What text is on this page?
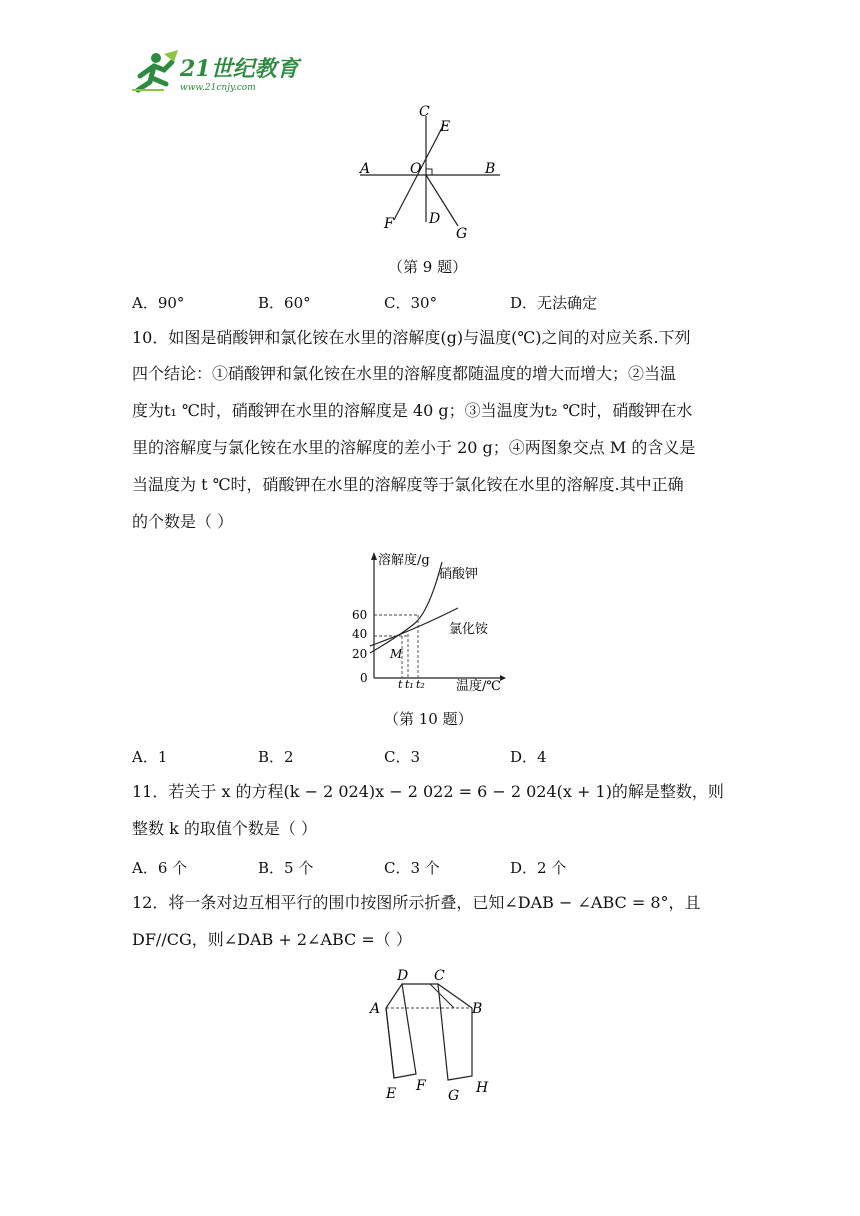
21世纪教育
www.21cnjy.com
C
E
A	O	B
F	D
G
（第 9 题）
A．90°	B．60°	C．30°	D．无法确定
10．如图是硝酸钾和氯化铵在水里的溶解度(g)与温度(℃)之间的对应关系.下列
四个结论：①硝酸钾和氯化铵在水里的溶解度都随温度的增大而增大；②当温
度为t₁ ℃时，硝酸钾在水里的溶解度是 40 g；③当温度为t₂ ℃时，硝酸钾在水
里的溶解度与氯化铵在水里的溶解度的差小于 20 g；④两图象交点 M 的含义是
当温度为 t ℃时，硝酸钾在水里的溶解度等于氯化铵在水里的溶解度.其中正确
的个数是（ ）
溶解度/g
硝酸钾
氯化铵
60
40
20
0
M
t t₁ t₂ 温度/℃
（第 10 题）
A．1	B．2	C．3	D．4
11．若关于 x 的方程(k − 2 024)x − 2 022 = 6 − 2 024(x + 1)的解是整数，则
整数 k 的取值个数是（ ）
A．6 个	B．5 个	C．3 个	D．2 个
12．将一条对边互相平行的围巾按图所示折叠，已知∠DAB − ∠ABC = 8°，且
DF//CG，则∠DAB + 2∠ABC =（ ）
D C
A	B
E F
G H
